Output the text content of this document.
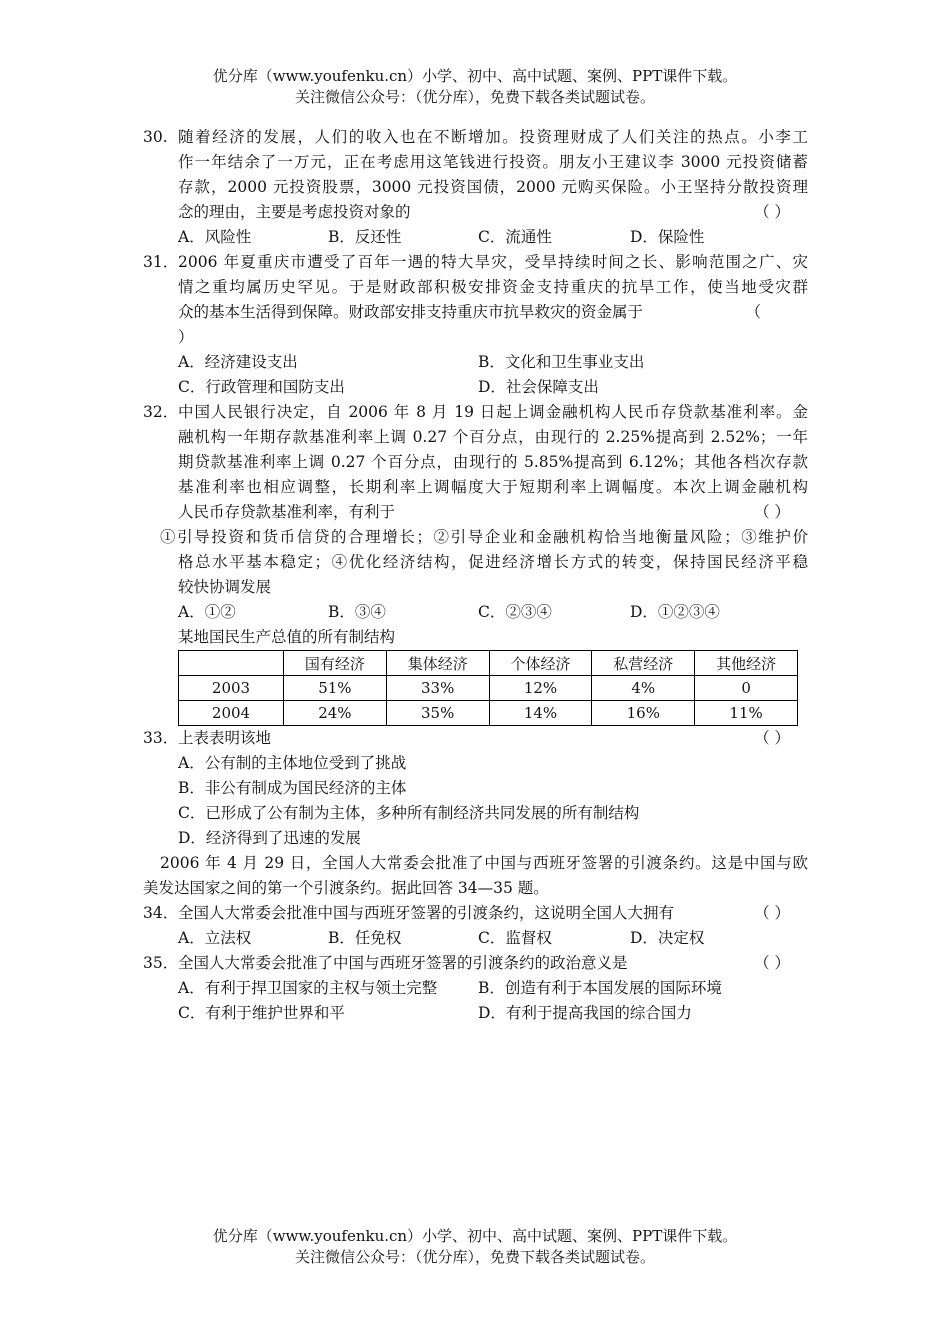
优分库（www.youfenku.cn）小学、初中、高中试题、案例、PPT课件下载。
关注微信公众号：（优分库），免费下载各类试题试卷。
30. 随着经济的发展，人们的收入也在不断增加。投资理财成了人们关注的热点。小李工
作一年结余了一万元，正在考虑用这笔钱进行投资。朋友小王建议李 3000 元投资储蓄
存款，2000 元投资股票，3000 元投资国债，2000 元购买保险。小王坚持分散投资理
念的理由，主要是考虑投资对象的	（ ）
A．风险性	B．反还性	C．流通性	D．保险性
31． 2006 年夏重庆市遭受了百年一遇的特大旱灾，受旱持续时间之长、影响范围之广、灾
情之重均属历史罕见。于是财政部积极安排资金支持重庆的抗旱工作，使当地受灾群
众的基本生活得到保障。财政部安排支持重庆市抗旱救灾的资金属于	（
）
A．经济建设支出	B．文化和卫生事业支出
C．行政管理和国防支出	D．社会保障支出
32． 中国人民银行决定，自 2006 年 8 月 19 日起上调金融机构人民币存贷款基准利率。金
融机构一年期存款基准利率上调 0.27 个百分点，由现行的 2.25%提高到 2.52%；一年
期贷款基准利率上调 0.27 个百分点，由现行的 5.85%提高到 6.12%；其他各档次存款
基准利率也相应调整，长期利率上调幅度大于短期利率上调幅度。本次上调金融机构
人民币存贷款基准利率，有利于	（ ）
①引导投资和货币信贷的合理增长；②引导企业和金融机构恰当地衡量风险；③维护价
格总水平基本稳定；④优化经济结构，促进经济增长方式的转变，保持国民经济平稳
较快协调发展
A．①②	B．③④	C．②③④	D．①②③④
某地国民生产总值的所有制结构
	国有经济	集体经济	个体经济	私营经济	其他经济
2003	51%	33%	12%	4%	0
2004	24%	35%	14%	16%	11%
33． 上表表明该地	（ ）
A．公有制的主体地位受到了挑战
B．非公有制成为国民经济的主体
C．已形成了公有制为主体，多种所有制经济共同发展的所有制结构
D．经济得到了迅速的发展
2006 年 4 月 29 日，全国人大常委会批准了中国与西班牙签署的引渡条约。这是中国与欧
美发达国家之间的第一个引渡条约。据此回答 34—35 题。
34． 全国人大常委会批准中国与西班牙签署的引渡条约，这说明全国人大拥有	（ ）
A．立法权	B．任免权	C．监督权	D．决定权
35． 全国人大常委会批准了中国与西班牙签署的引渡条约的政治意义是	（ ）
A．有利于捍卫国家的主权与领土完整	B．创造有利于本国发展的国际环境
C．有利于维护世界和平	D．有利于提高我国的综合国力
优分库（www.youfenku.cn）小学、初中、高中试题、案例、PPT课件下载。
关注微信公众号：（优分库），免费下载各类试题试卷。
